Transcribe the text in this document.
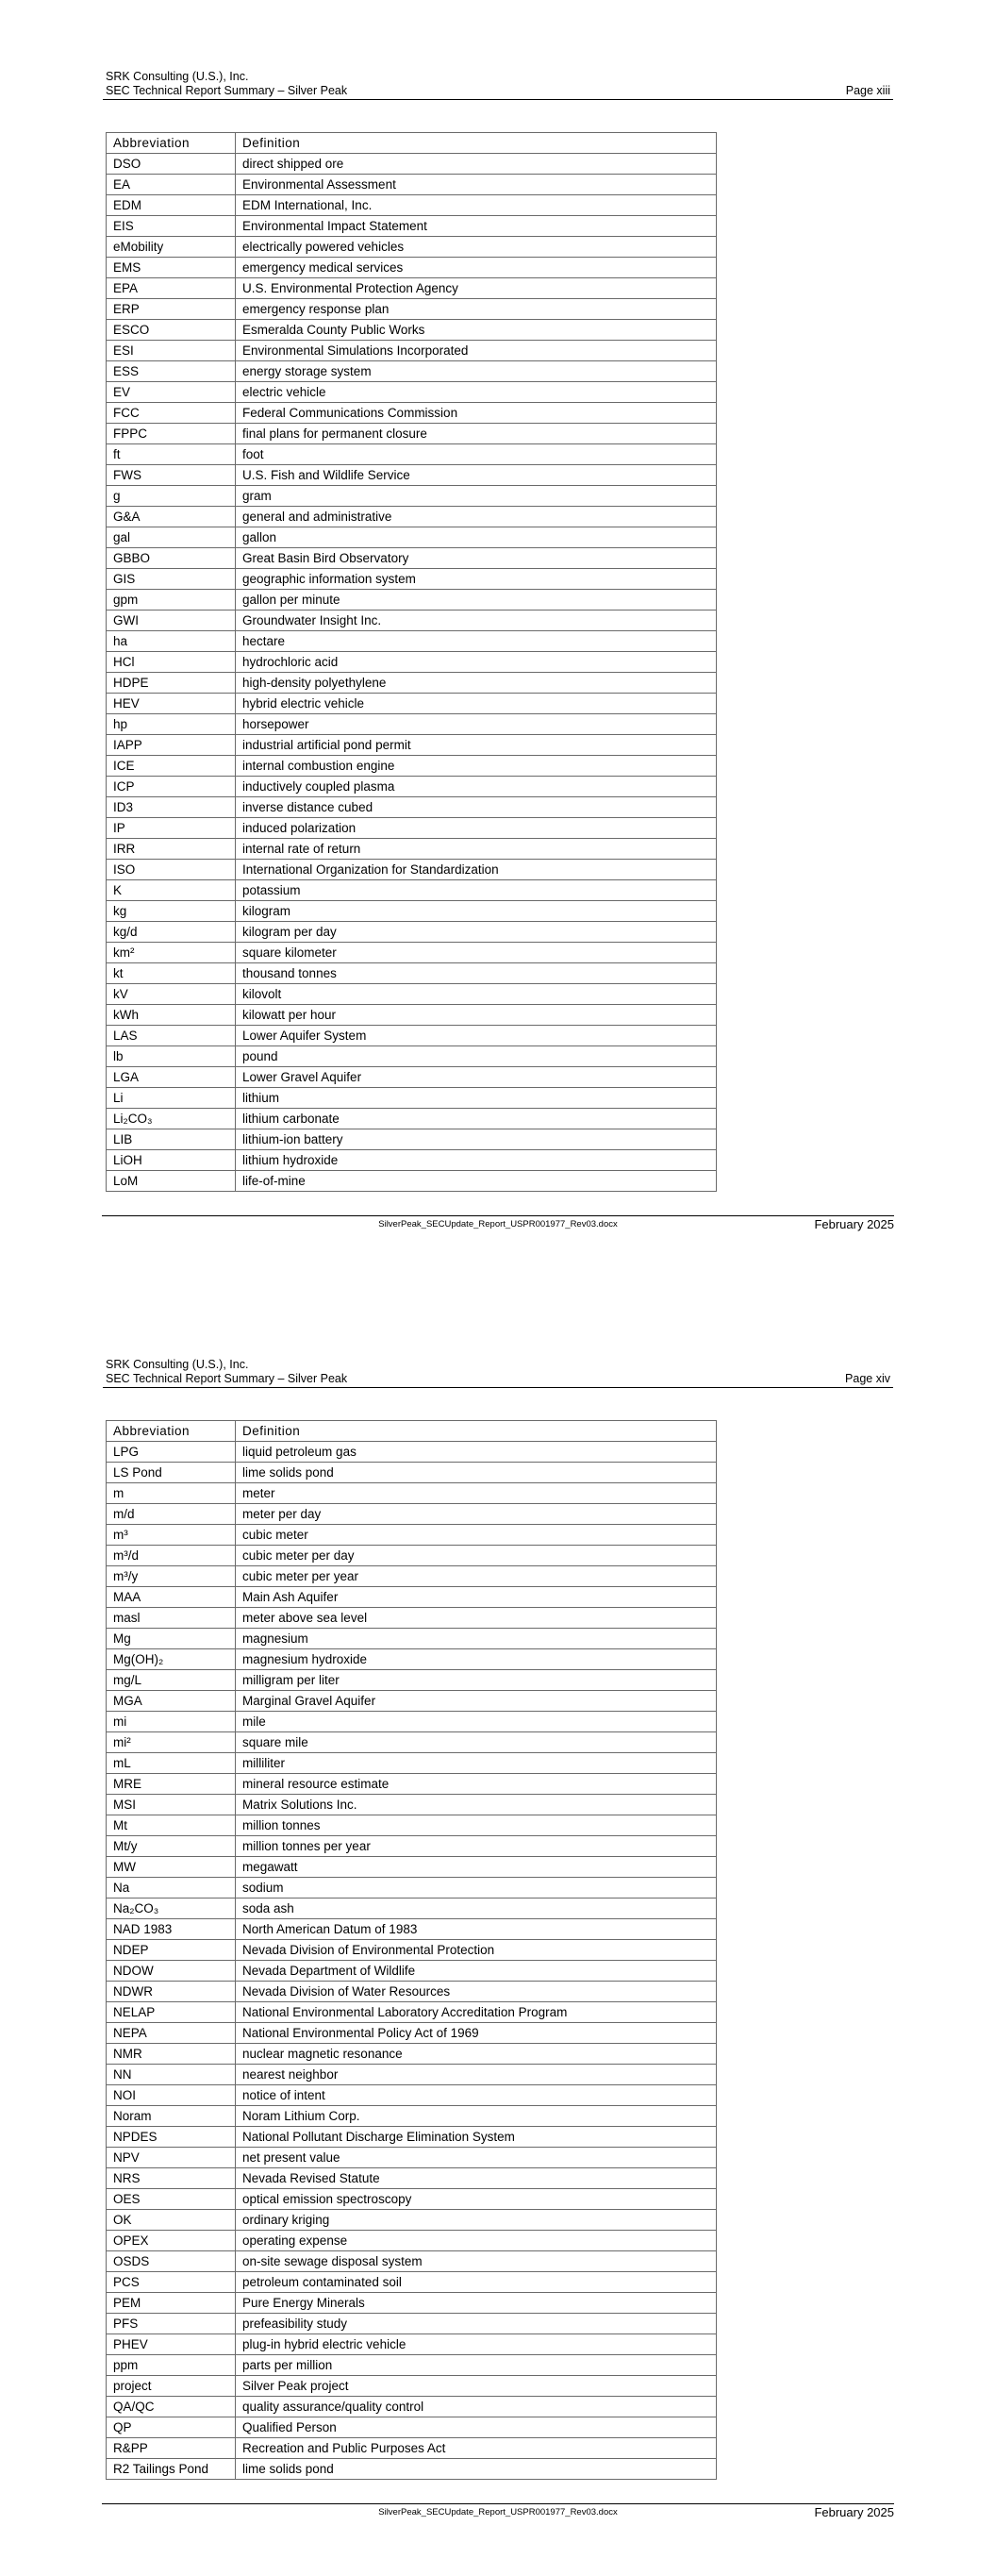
SRK Consulting (U.S.), Inc.
SEC Technical Report Summary – Silver Peak	Page xiii
Abbreviation	Definition
DSO	direct shipped ore
EA	Environmental Assessment
EDM	EDM International, Inc.
EIS	Environmental Impact Statement
eMobility	electrically powered vehicles
EMS	emergency medical services
EPA	U.S. Environmental Protection Agency
ERP	emergency response plan
ESCO	Esmeralda County Public Works
ESI	Environmental Simulations Incorporated
ESS	energy storage system
EV	electric vehicle
FCC	Federal Communications Commission
FPPC	final plans for permanent closure
ft	foot
FWS	U.S. Fish and Wildlife Service
g	gram
G&A	general and administrative
gal	gallon
GBBO	Great Basin Bird Observatory
GIS	geographic information system
gpm	gallon per minute
GWI	Groundwater Insight Inc.
ha	hectare
HCl	hydrochloric acid
HDPE	high-density polyethylene
HEV	hybrid electric vehicle
hp	horsepower
IAPP	industrial artificial pond permit
ICE	internal combustion engine
ICP	inductively coupled plasma
ID3	inverse distance cubed
IP	induced polarization
IRR	internal rate of return
ISO	International Organization for Standardization
K	potassium
kg	kilogram
kg/d	kilogram per day
km²	square kilometer
kt	thousand tonnes
kV	kilovolt
kWh	kilowatt per hour
LAS	Lower Aquifer System
lb	pound
LGA	Lower Gravel Aquifer
Li	lithium
Li₂CO₃	lithium carbonate
LIB	lithium-ion battery
LiOH	lithium hydroxide
LoM	life-of-mine
SilverPeak_SECUpdate_Report_USPR001977_Rev03.docx	February 2025
SRK Consulting (U.S.), Inc.
SEC Technical Report Summary – Silver Peak	Page xiv
Abbreviation	Definition
LPG	liquid petroleum gas
LS Pond	lime solids pond
m	meter
m/d	meter per day
m³	cubic meter
m³/d	cubic meter per day
m³/y	cubic meter per year
MAA	Main Ash Aquifer
masl	meter above sea level
Mg	magnesium
Mg(OH)₂	magnesium hydroxide
mg/L	milligram per liter
MGA	Marginal Gravel Aquifer
mi	mile
mi²	square mile
mL	milliliter
MRE	mineral resource estimate
MSI	Matrix Solutions Inc.
Mt	million tonnes
Mt/y	million tonnes per year
MW	megawatt
Na	sodium
Na₂CO₃	soda ash
NAD 1983	North American Datum of 1983
NDEP	Nevada Division of Environmental Protection
NDOW	Nevada Department of Wildlife
NDWR	Nevada Division of Water Resources
NELAP	National Environmental Laboratory Accreditation Program
NEPA	National Environmental Policy Act of 1969
NMR	nuclear magnetic resonance
NN	nearest neighbor
NOI	notice of intent
Noram	Noram Lithium Corp.
NPDES	National Pollutant Discharge Elimination System
NPV	net present value
NRS	Nevada Revised Statute
OES	optical emission spectroscopy
OK	ordinary kriging
OPEX	operating expense
OSDS	on-site sewage disposal system
PCS	petroleum contaminated soil
PEM	Pure Energy Minerals
PFS	prefeasibility study
PHEV	plug-in hybrid electric vehicle
ppm	parts per million
project	Silver Peak project
QA/QC	quality assurance/quality control
QP	Qualified Person
R&PP	Recreation and Public Purposes Act
R2 Tailings Pond	lime solids pond
SilverPeak_SECUpdate_Report_USPR001977_Rev03.docx	February 2025
